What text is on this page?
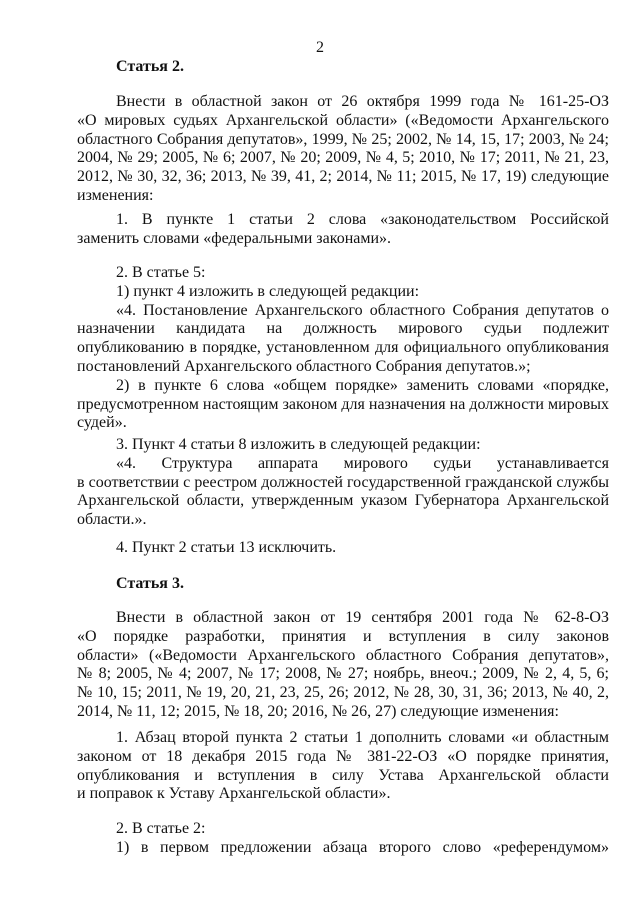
2
Статья 2.
Внести в областной закон от 26 октября 1999 года № 161-25-ОЗ
«О мировых судьях Архангельской области» («Ведомости Архангельского
областного Собрания депутатов», 1999, № 25; 2002, № 14, 15, 17; 2003, № 24;
2004, № 29; 2005, № 6; 2007, № 20; 2009, № 4, 5; 2010, № 17; 2011, № 21, 23,
2012, № 30, 32, 36; 2013, № 39, 41, 2; 2014, № 11; 2015, № 17, 19) следующие
изменения:
1. В пункте 1 статьи 2 слова «законодательством Российской
заменить словами «федеральными законами».
2. В статье 5:
1) пункт 4 изложить в следующей редакции:
«4. Постановление Архангельского областного Собрания депутатов о
назначении кандидата на должность мирового судьи подлежит
опубликованию в порядке, установленном для официального опубликования
постановлений Архангельского областного Собрания депутатов.»;
2) в пункте 6 слова «общем порядке» заменить словами «порядке,
предусмотренном настоящим законом для назначения на должности мировых
судей».
3. Пункт 4 статьи 8 изложить в следующей редакции:
«4. Структура аппарата мирового судьи устанавливается
в соответствии с реестром должностей государственной гражданской службы
Архангельской области, утвержденным указом Губернатора Архангельской
области.».
4. Пункт 2 статьи 13 исключить.
Статья 3.
Внести в областной закон от 19 сентября 2001 года № 62-8-ОЗ
«О порядке разработки, принятия и вступления в силу законов
области» («Ведомости Архангельского областного Собрания депутатов»,
№ 8; 2005, № 4; 2007, № 17; 2008, № 27; ноябрь, внеоч.; 2009, № 2, 4, 5, 6;
№ 10, 15; 2011, № 19, 20, 21, 23, 25, 26; 2012, № 28, 30, 31, 36; 2013, № 40, 2,
2014, № 11, 12; 2015, № 18, 20; 2016, № 26, 27) следующие изменения:
1. Абзац второй пункта 2 статьи 1 дополнить словами «и областным
законом от 18 декабря 2015 года № 381-22-ОЗ «О порядке принятия,
опубликования и вступления в силу Устава Архангельской области
и поправок к Уставу Архангельской области».
2. В статье 2:
1) в первом предложении абзаца второго слово «референдумом»
